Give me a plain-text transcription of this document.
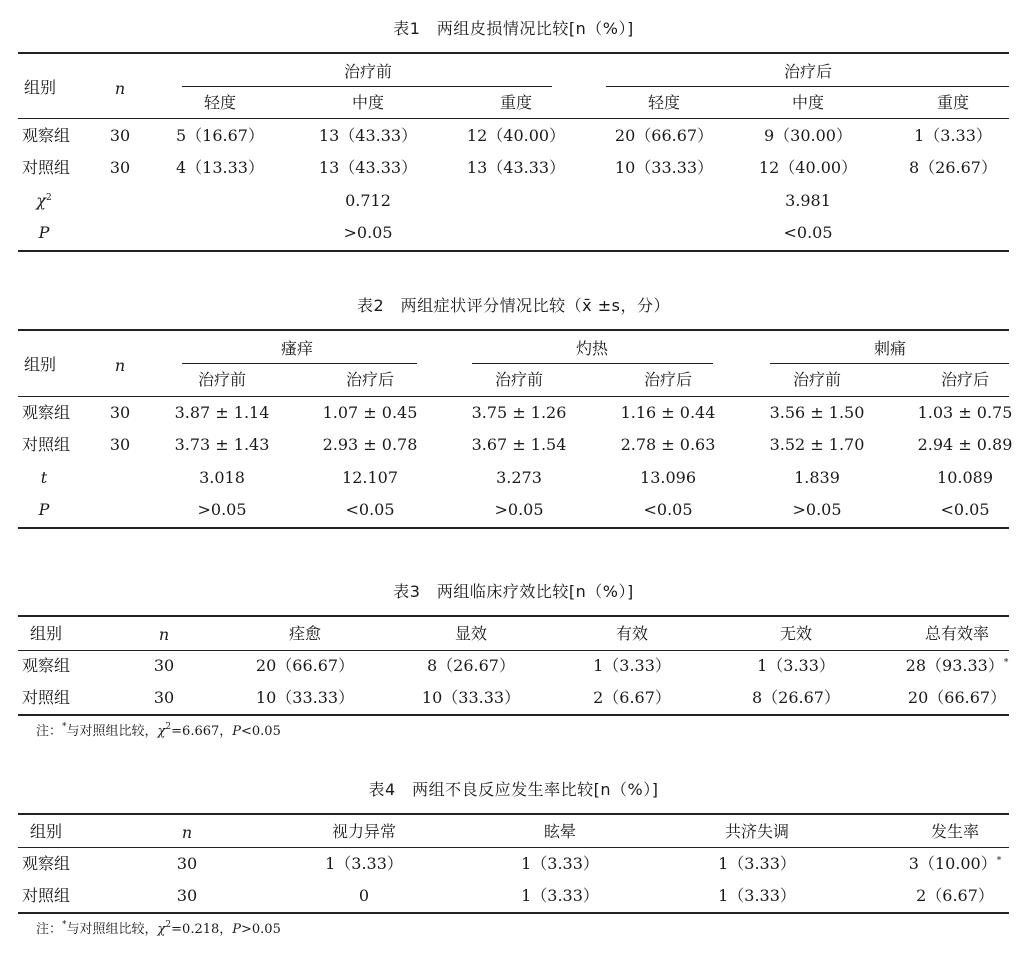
表1　两组皮损情况比较[n（%）]
组别	n
治疗前	治疗后
轻度	中度	重度	轻度	中度	重度
观察组 30	5（16.67）	13（43.33）	12（40.00）	20（66.67）	9（30.00）	1（3.33）
对照组 30	4（13.33）	13（43.33）	13（43.33）	10（33.33）	12（40.00）	8（26.67）
$\chi^2$	0.712	3.981
P	>0.05	<0.05
表2　两组症状评分情况比较（x̄ ±s，分）
组别	n
瘙痒	灼热	刺痛
治疗前	治疗后	治疗前	治疗后	治疗前	治疗后
观察组 30	3.87 ± 1.14	1.07 ± 0.45	3.75 ± 1.26	1.16 ± 0.44	3.56 ± 1.50	1.03 ± 0.75
对照组 30	3.73 ± 1.43	2.93 ± 0.78	3.67 ± 1.54	2.78 ± 0.63	3.52 ± 1.70	2.94 ± 0.89
t	3.018	12.107	3.273	13.096	1.839	10.089
P	>0.05	<0.05	>0.05	<0.05	>0.05	<0.05
表3　两组临床疗效比较[n（%）]
组别	n	痊愈	显效	有效	无效	总有效率
观察组	30	20（66.67）	8（26.67）	1（3.33）	1（3.33）	28（93.33）*
对照组	30	10（33.33）	10（33.33）	2（6.67）	8（26.67）	20（66.67）
注：*与对照组比较，$\chi^2=6.667$，P<0.05
表4　两组不良反应发生率比较[n（%）]
组别	n	视力异常	眩晕	共济失调	发生率
观察组	30	1（3.33）	1（3.33）	1（3.33）	3（10.00）*
对照组	30	0	1（3.33）	1（3.33）	2（6.67）
注：*与对照组比较，$\chi^2=0.218$，P>0.05
